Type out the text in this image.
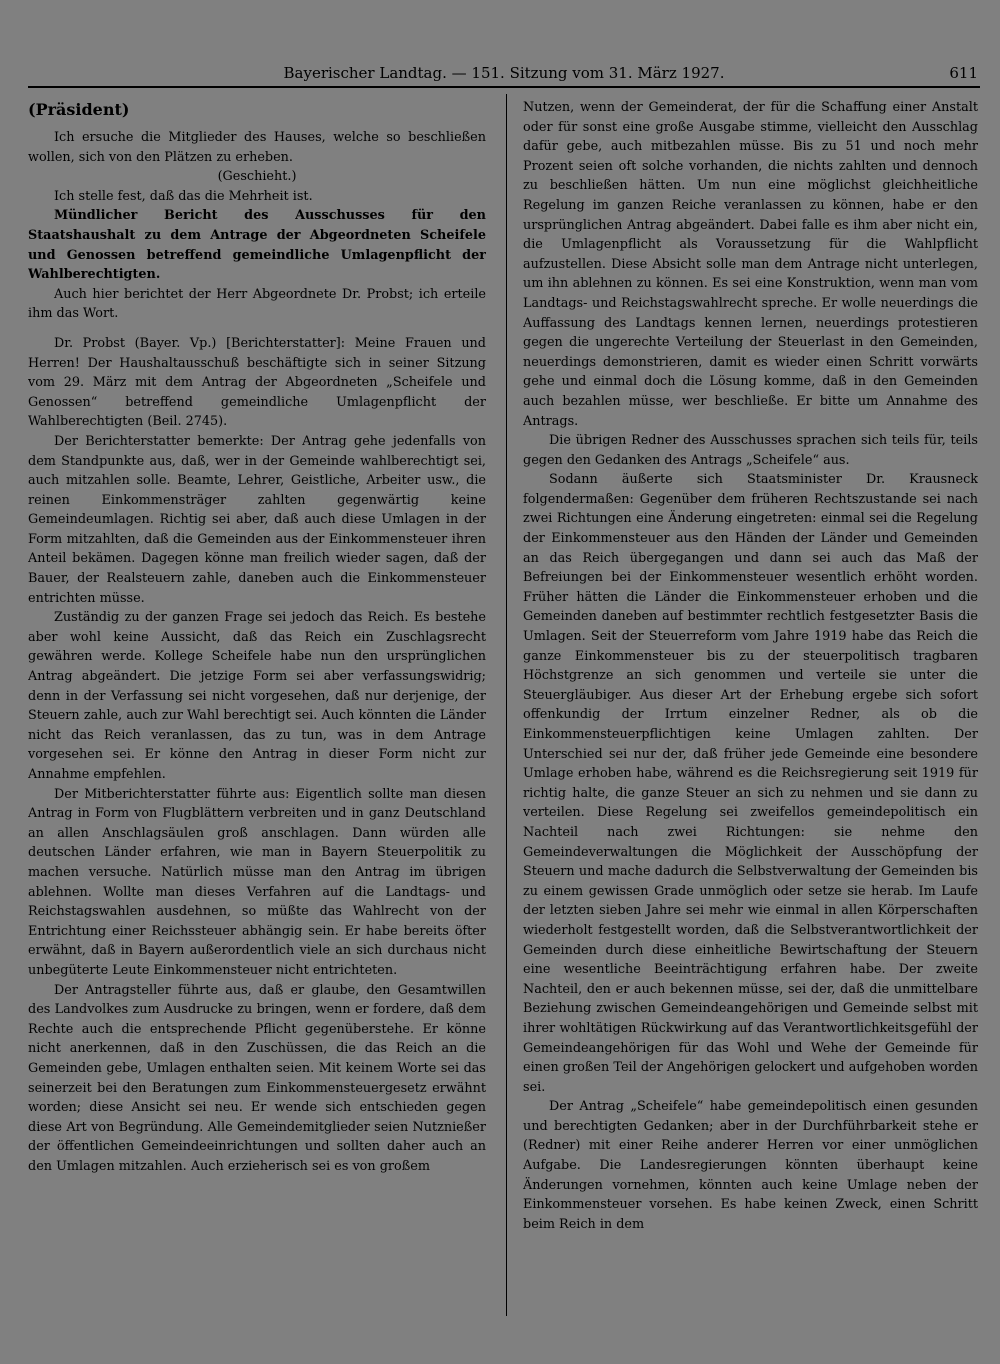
Bayerischer Landtag. — 151. Sitzung vom 31. März 1927.	611
(Präsident)

Ich ersuche die Mitglieder des Hauses, welche so beschließen wollen, sich von den Plätzen zu erheben.

(Geschieht.)

Ich stelle fest, daß das die Mehrheit ist.

Mündlicher Bericht des Ausschusses für den Staatshaushalt zu dem Antrage der Abgeordneten Scheifele und Genossen betreffend gemeindliche Umlagenpflicht der Wahlberechtigten.

Auch hier berichtet der Herr Abgeordnete Dr. Probst; ich erteile ihm das Wort.

Dr. Probst (Bayer. Vp.) [Berichterstatter]: Meine Frauen und Herren! Der Haushaltausschuß beschäftigte sich in seiner Sitzung vom 29. März mit dem Antrag der Abgeordneten „Scheifele und Genossen“ betreffend gemeindliche Umlagenpflicht der Wahlberechtigten (Beil. 2745).

Der Berichterstatter bemerkte: Der Antrag gehe jedenfalls von dem Standpunkte aus, daß, wer in der Gemeinde wahlberechtigt sei, auch mitzahlen solle. Beamte, Lehrer, Geistliche, Arbeiter usw., die reinen Einkommensträger zahlten gegenwärtig keine Gemeindeumlagen. Richtig sei aber, daß auch diese Umlagen in der Form mitzahlten, daß die Gemeinden aus der Einkommensteuer ihren Anteil bekämen. Dagegen könne man freilich wieder sagen, daß der Bauer, der Realsteuern zahle, daneben auch die Einkommensteuer entrichten müsse.

Zuständig zu der ganzen Frage sei jedoch das Reich. Es bestehe aber wohl keine Aussicht, daß das Reich ein Zuschlagsrecht gewähren werde. Kollege Scheifele habe nun den ursprünglichen Antrag abgeändert. Die jetzige Form sei aber verfassungswidrig; denn in der Verfassung sei nicht vorgesehen, daß nur derjenige, der Steuern zahle, auch zur Wahl berechtigt sei. Auch könnten die Länder nicht das Reich veranlassen, das zu tun, was in dem Antrage vorgesehen sei. Er könne den Antrag in dieser Form nicht zur Annahme empfehlen.

Der Mitberichterstatter führte aus: Eigentlich sollte man diesen Antrag in Form von Flugblättern verbreiten und in ganz Deutschland an allen Anschlagsäulen groß anschlagen. Dann würden alle deutschen Länder erfahren, wie man in Bayern Steuerpolitik zu machen versuche. Natürlich müsse man den Antrag im übrigen ablehnen. Wollte man dieses Verfahren auf die Landtags- und Reichstagswahlen ausdehnen, so müßte das Wahlrecht von der Entrichtung einer Reichssteuer abhängig sein. Er habe bereits öfter erwähnt, daß in Bayern außerordentlich viele an sich durchaus nicht unbegüterte Leute Einkommensteuer nicht entrichteten.

Der Antragsteller führte aus, daß er glaube, den Gesamtwillen des Landvolkes zum Ausdrucke zu bringen, wenn er fordere, daß dem Rechte auch die entsprechende Pflicht gegenüberstehe. Er könne nicht anerkennen, daß in den Zuschüssen, die das Reich an die Gemeinden gebe, Umlagen enthalten seien. Mit keinem Worte sei das seinerzeit bei den Beratungen zum Einkommensteuergesetz erwähnt worden; diese Ansicht sei neu. Er wende sich entschieden gegen diese Art von Begründung. Alle Gemeindemitglieder seien Nutznießer der öffentlichen Gemeindeeinrichtungen und sollten daher auch an den Umlagen mitzahlen. Auch erzieherisch sei es von großem

Nutzen, wenn der Gemeinderat, der für die Schaffung einer Anstalt oder für sonst eine große Ausgabe stimme, vielleicht den Ausschlag dafür gebe, auch mitbezahlen müsse. Bis zu 51 und noch mehr Prozent seien oft solche vorhanden, die nichts zahlten und dennoch zu beschließen hätten. Um nun eine möglichst gleichheitliche Regelung im ganzen Reiche veranlassen zu können, habe er den ursprünglichen Antrag abgeändert. Dabei falle es ihm aber nicht ein, die Umlagenpflicht als Voraussetzung für die Wahlpflicht aufzustellen. Diese Absicht solle man dem Antrage nicht unterlegen, um ihn ablehnen zu können. Es sei eine Konstruktion, wenn man vom Landtags- und Reichstagswahlrecht spreche. Er wolle neuerdings die Auffassung des Landtags kennen lernen, neuerdings protestieren gegen die ungerechte Verteilung der Steuerlast in den Gemeinden, neuerdings demonstrieren, damit es wieder einen Schritt vorwärts gehe und einmal doch die Lösung komme, daß in den Gemeinden auch bezahlen müsse, wer beschließe. Er bitte um Annahme des Antrags.

Die übrigen Redner des Ausschusses sprachen sich teils für, teils gegen den Gedanken des Antrags „Scheifele“ aus.

Sodann äußerte sich Staatsminister Dr. Krausneck folgendermaßen: Gegenüber dem früheren Rechtszustande sei nach zwei Richtungen eine Änderung eingetreten: einmal sei die Regelung der Einkommensteuer aus den Händen der Länder und Gemeinden an das Reich übergegangen und dann sei auch das Maß der Befreiungen bei der Einkommensteuer wesentlich erhöht worden. Früher hätten die Länder die Einkommensteuer erhoben und die Gemeinden daneben auf bestimmter rechtlich festgesetzter Basis die Umlagen. Seit der Steuerreform vom Jahre 1919 habe das Reich die ganze Einkommensteuer bis zu der steuerpolitisch tragbaren Höchstgrenze an sich genommen und verteile sie unter die Steuergläubiger. Aus dieser Art der Erhebung ergebe sich sofort offenkundig der Irrtum einzelner Redner, als ob die Einkommensteuerpflichtigen keine Umlagen zahlten. Der Unterschied sei nur der, daß früher jede Gemeinde eine besondere Umlage erhoben habe, während es die Reichsregierung seit 1919 für richtig halte, die ganze Steuer an sich zu nehmen und sie dann zu verteilen. Diese Regelung sei zweifellos gemeindepolitisch ein Nachteil nach zwei Richtungen: sie nehme den Gemeindeverwaltungen die Möglichkeit der Ausschöpfung der Steuern und mache dadurch die Selbstverwaltung der Gemeinden bis zu einem gewissen Grade unmöglich oder setze sie herab. Im Laufe der letzten sieben Jahre sei mehr wie einmal in allen Körperschaften wiederholt festgestellt worden, daß die Selbstverantwortlichkeit der Gemeinden durch diese einheitliche Bewirtschaftung der Steuern eine wesentliche Beeinträchtigung erfahren habe. Der zweite Nachteil, den er auch bekennen müsse, sei der, daß die unmittelbare Beziehung zwischen Gemeindeangehörigen und Gemeinde selbst mit ihrer wohltätigen Rückwirkung auf das Verantwortlichkeitsgefühl der Gemeindeangehörigen für das Wohl und Wehe der Gemeinde für einen großen Teil der Angehörigen gelockert und aufgehoben worden sei.

Der Antrag „Scheifele“ habe gemeindepolitisch einen gesunden und berechtigten Gedanken; aber in der Durchführbarkeit stehe er (Redner) mit einer Reihe anderer Herren vor einer unmöglichen Aufgabe. Die Landesregierungen könnten überhaupt keine Änderungen vornehmen, könnten auch keine Umlage neben der Einkommensteuer vorsehen. Es habe keinen Zweck, einen Schritt beim Reich in dem
